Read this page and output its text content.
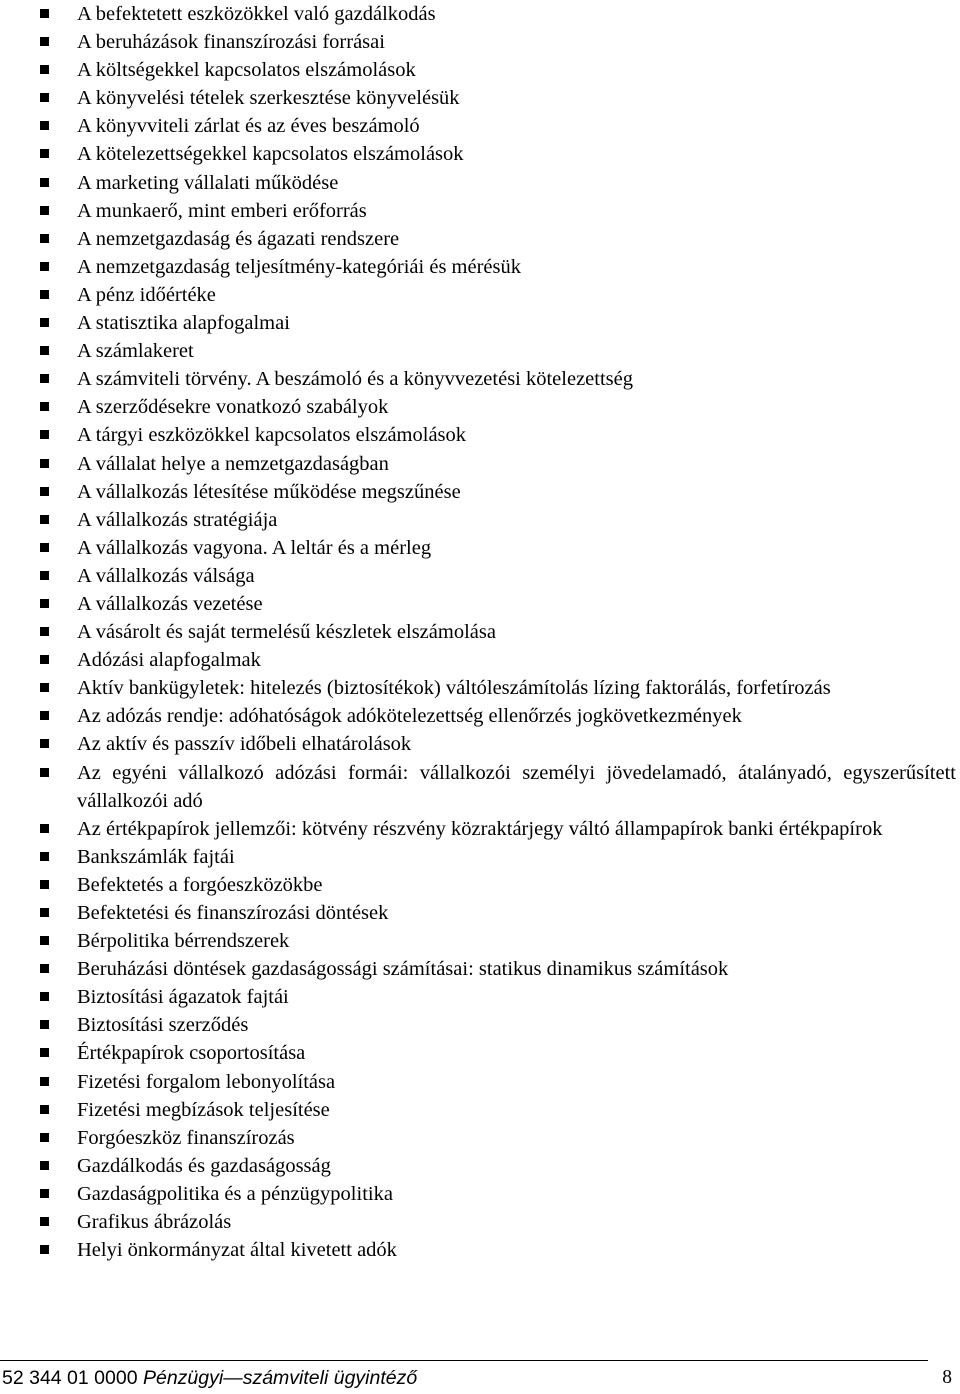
A befektetett eszközökkel való gazdálkodás
A beruházások finanszírozási forrásai
A költségekkel kapcsolatos elszámolások
A könyvelési tételek szerkesztése könyvelésük
A könyvviteli zárlat és az éves beszámoló
A kötelezettségekkel kapcsolatos elszámolások
A marketing vállalati működése
A munkaerő, mint emberi erőforrás
A nemzetgazdaság és ágazati rendszere
A nemzetgazdaság teljesítmény-kategóriái és mérésük
A pénz időértéke
A statisztika alapfogalmai
A számlakeret
A számviteli törvény. A beszámoló és a könyvvezetési kötelezettség
A szerződésekre vonatkozó szabályok
A tárgyi eszközökkel kapcsolatos elszámolások
A vállalat helye a nemzetgazdaságban
A vállalkozás létesítése működése megszűnése
A vállalkozás stratégiája
A vállalkozás vagyona. A leltár és a mérleg
A vállalkozás válsága
A vállalkozás vezetése
A vásárolt és saját termelésű készletek elszámolása
Adózási alapfogalmak
Aktív bankügyletek: hitelezés (biztosítékok) váltóleszámítolás lízing faktorálás, forfetírozás
Az adózás rendje: adóhatóságok adókötelezettség ellenőrzés jogkövetkezmények
Az aktív és passzív időbeli elhatárolások
Az egyéni vállalkozó adózási formái: vállalkozói személyi jövedelamadó, átalányadó, egyszerűsített vállalkozói adó
Az értékpapírok jellemzői: kötvény részvény közraktárjegy váltó állampapírok banki értékpapírok
Bankszámlák fajtái
Befektetés a forgóeszközökbe
Befektetési és finanszírozási döntések
Bérpolitika bérrendszerek
Beruházási döntések gazdaságossági számításai: statikus dinamikus számítások
Biztosítási ágazatok fajtái
Biztosítási szerződés
Értékpapírok csoportosítása
Fizetési forgalom lebonyolítása
Fizetési megbízások teljesítése
Forgóeszköz finanszírozás
Gazdálkodás és gazdaságosság
Gazdaságpolitika és a pénzügypolitika
Grafikus ábrázolás
Helyi önkormányzat által kivetett adók
52 344 01 0000 Pénzügyi—számviteli ügyintéző	8
